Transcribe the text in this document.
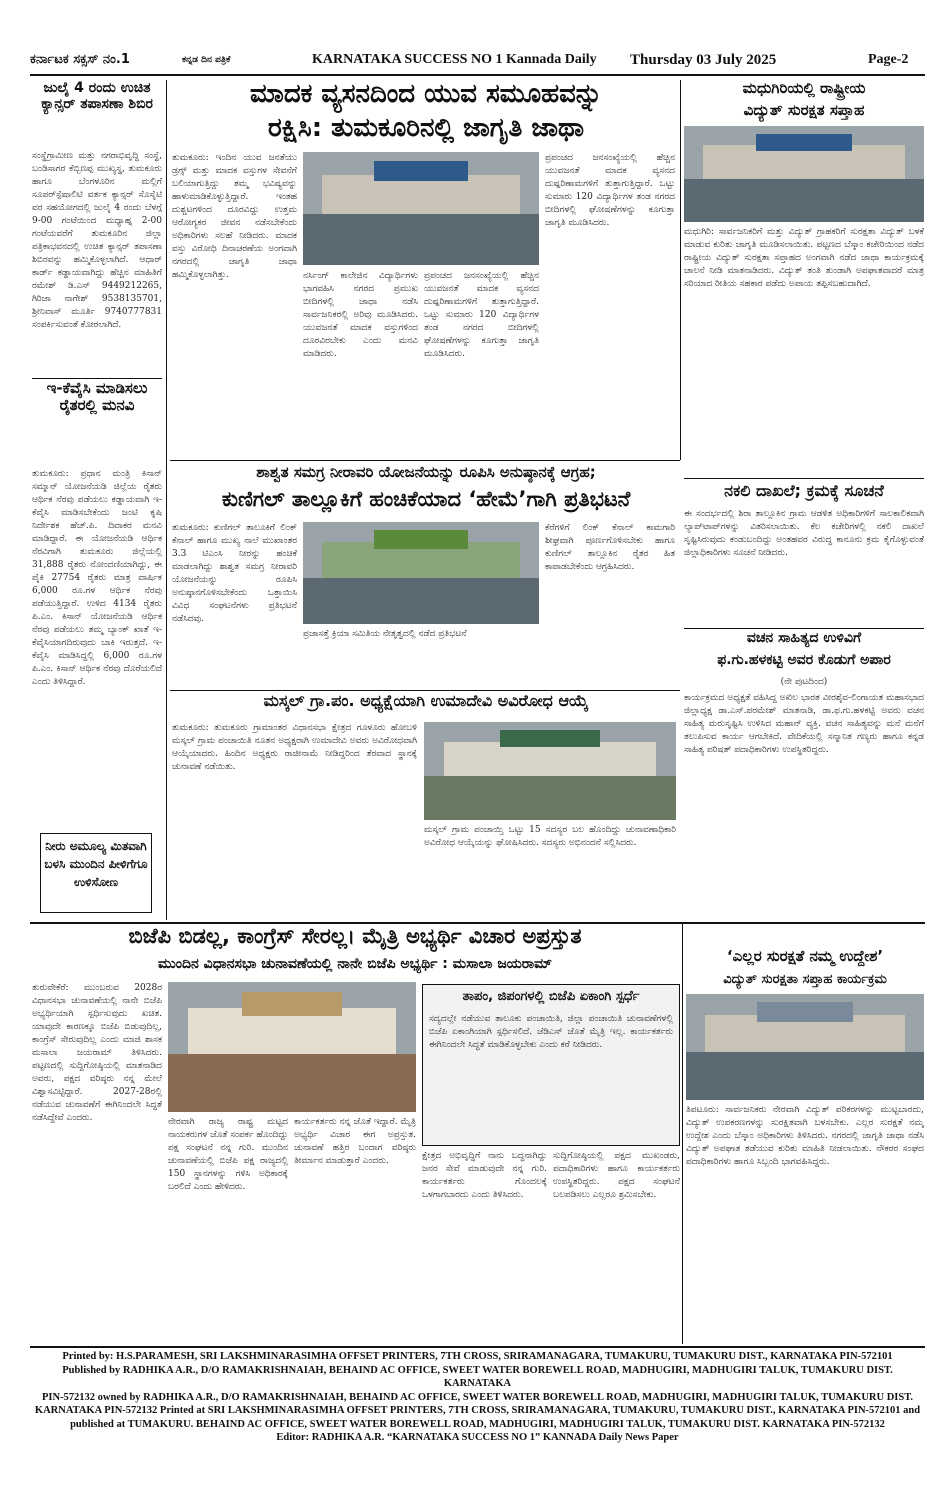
ಕರ್ನಾಟಕ ಸಕ್ಸಸ್ ನಂ.1	ಕನ್ನಡ ದಿನ ಪತ್ರಿಕೆ	KARNATAKA SUCCESS NO 1 Kannada Daily Thursday 03 July 2025	Page-2
ಜುಲೈ 4 ರಂದು ಉಚಿತ ಕ್ಯಾನ್ಸರ್ ತಪಾಸಣಾ ಶಿಬಿರ
ಸಂಸ್ಥೆಗ್ರಾಮೀಣ ಮತ್ತು ನಗರಾಭಿವೃದ್ಧಿ ಸಂಸ್ಥೆ, ಬಂಡಿಸಾಗರ ಕೆಬ್ಬಿಣಪ್ಪ ಮುಖ್ಯಸ್ಥ, ತುಮಕೂರು ಹಾಗೂ ಬೆಂಗಳೂರಿನ ಮಲ್ಲಿಗೆ ಸೂಪರ್‌ಸ್ಪೆಷಾಲಿಟಿ ವರ್ತಕ ಕ್ಯಾನ್ಸರ್ ಸೊಸೈಟಿ ವರ ಸಹಯೋಗದಲ್ಲಿ ಜುಲೈ 4 ರಂದು ಬೆಳಗ್ಗೆ 9-00 ಗಂಟೆಯಿಂದ ಮಧ್ಯಾಹ್ನ 2-00 ಗಂಟೆಯವರೆಗೆ ತುಮಕೂರಿನ ಜಿಲ್ಲಾ ಪತ್ರಿಕಾಭವನದಲ್ಲಿ ಉಚಿತ ಕ್ಯಾನ್ಸರ್ ತಪಾಸಣಾ ಶಿಬಿರವನ್ನು ಹಮ್ಮಿಕೊಳ್ಳಲಾಗಿದೆ. ಆಧಾರ್ ಕಾರ್ಡ್ ಕಡ್ಡಾಯವಾಗಿದ್ದು ಹೆಚ್ಚಿನ ಮಾಹಿತಿಗೆ ರಮೇಶ್ ಡಿ.ಎಸ್ 9449212265, ಗಿರಿಜಾ ನಾಗೇಶ್ 9538135701, ಶ್ರೀನಿವಾಸ್ ಮೂರ್ತಿ 9740777831 ಸಂಪರ್ಕಿಸುವಂತೆ ಕೋರಲಾಗಿದೆ.
ಇ-ಕೆವೈಸಿ ಮಾಡಿಸಲು ರೈತರಲ್ಲಿ ಮನವಿ
ತುಮಕೂರು: ಪ್ರಧಾನ ಮಂತ್ರಿ ಕಿಸಾನ್ ಸಮ್ಮಾನ್ ಯೋಜನೆಯಡಿ ಜಿಲ್ಲೆಯ ರೈತರು ಆರ್ಥಿಕ ನೆರವು ಪಡೆಯಲು ಕಡ್ಡಾಯವಾಗಿ ಇ-ಕೆವೈಸಿ ಮಾಡಿಸಬೇಕೆಂದು ಜಂಟಿ ಕೃಷಿ ನಿರ್ದೇಶಕ ಹೆಚ್.ಪಿ. ದಿವಾಕರ ಮನವಿ ಮಾಡಿದ್ದಾರೆ. ಈ ಯೋಜನೆಯಡಿ ಆರ್ಥಿಕ ನೆರವಿಗಾಗಿ ತುಮಕೂರು ಜಿಲ್ಲೆಯಲ್ಲಿ 31,888 ರೈತರು ನೋಂದಣಿಯಾಗಿದ್ದು, ಈ ಪೈಕಿ 27754 ರೈತರು ಮಾತ್ರ ವಾರ್ಷಿಕ 6,000 ರೂ.ಗಳ ಆರ್ಥಿಕ ನೆರವು ಪಡೆಯುತ್ತಿದ್ದಾರೆ. ಉಳಿದ 4134 ರೈತರು ಪಿ.ಎಂ. ಕಿಸಾನ್ ಯೋಜನೆಯಡಿ ಆರ್ಥಿಕ ನೆರವು ಪಡೆಯಲು ತಮ್ಮ ಬ್ಯಾಂಕ್ ಖಾತೆ ಇ-ಕೆವೈಸಿಯಾಗದಿರುವುದು ಬಾಕಿ ಇರುತ್ತದೆ. ಇ-ಕೆವೈಸಿ ಮಾಡಿಸಿದ್ದಲ್ಲಿ 6,000 ರೂ.ಗಳ ಪಿ.ಎಂ. ಕಿಸಾನ್ ಆರ್ಥಿಕ ನೆರವು ದೊರೆಯಲಿದೆ ಎಂದು ತಿಳಿಸಿದ್ದಾರೆ.
ನೀರು ಅಮೂಲ್ಯ ಮಿತವಾಗಿ ಬಳಸಿ ಮುಂದಿನ ಪೀಳಿಗೆಗೂ ಉಳಿಸೋಣ
ಮಾದಕ ವ್ಯಸನದಿಂದ ಯುವ ಸಮೂಹವನ್ನು
ರಕ್ಷಿಸಿ: ತುಮಕೂರಿನಲ್ಲಿ ಜಾಗೃತಿ ಜಾಥಾ
ತುಮಕೂರು: ಇಂದಿನ ಯುವ ಜನತೆಯು ಡ್ರಗ್ಸ್ ಮತ್ತು ಮಾದಕ ವಸ್ತುಗಳ ಸೇವನೆಗೆ ಬಲಿಯಾಗುತ್ತಿದ್ದು ತಮ್ಮ ಭವಿಷ್ಯವನ್ನು ಹಾಳುಮಾಡಿಕೊಳ್ಳುತ್ತಿದ್ದಾರೆ. ಇಂತಹ ದುಶ್ಚಟಗಳಿಂದ ದೂರವಿದ್ದು ಉತ್ತಮ ಆರೋಗ್ಯಕರ ಜೀವನ ನಡೆಸಬೇಕೆಂದು ಅಧಿಕಾರಿಗಳು ಸಲಹೆ ನೀಡಿದರು. ಮಾದಕ ವಸ್ತು ವಿರೋಧಿ ದಿನಾಚರಣೆಯ ಅಂಗವಾಗಿ ನಗರದಲ್ಲಿ ಜಾಗೃತಿ ಜಾಥಾ ಹಮ್ಮಿಕೊಳ್ಳಲಾಗಿತ್ತು.	ನರ್ಸಿಂಗ್ ಕಾಲೇಜಿನ ವಿದ್ಯಾರ್ಥಿಗಳು ಭಾಗವಹಿಸಿ ನಗರದ ಪ್ರಮುಖ ಬೀದಿಗಳಲ್ಲಿ ಜಾಥಾ ನಡೆಸಿ ಸಾರ್ವಜನಿಕರಲ್ಲಿ ಅರಿವು ಮೂಡಿಸಿದರು. ಯುವಜನತೆ ಮಾದಕ ವಸ್ತುಗಳಿಂದ ದೂರವಿರಬೇಕು ಎಂದು ಮನವಿ ಮಾಡಿದರು.
ಪ್ರಪಂಚದ ಜನಸಂಖ್ಯೆಯಲ್ಲಿ ಹೆಚ್ಚಿನ ಯುವಜನತೆ ಮಾದಕ ವ್ಯಸನದ ದುಷ್ಪರಿಣಾಮಗಳಿಗೆ ತುತ್ತಾಗುತ್ತಿದ್ದಾರೆ. ಒಟ್ಟು ಸುಮಾರು 120 ವಿದ್ಯಾರ್ಥಿಗಳ ತಂಡ ನಗರದ ಬೀದಿಗಳಲ್ಲಿ ಘೋಷಣೆಗಳನ್ನು ಕೂಗುತ್ತಾ ಜಾಗೃತಿ ಮೂಡಿಸಿದರು.
ಪ್ರಪಂಚದ ಜನಸಂಖ್ಯೆಯಲ್ಲಿ ಹೆಚ್ಚಿನ ಯುವಜನತೆ ಮಾದಕ ವ್ಯಸನದ ದುಷ್ಪರಿಣಾಮಗಳಿಗೆ ತುತ್ತಾಗುತ್ತಿದ್ದಾರೆ. ಒಟ್ಟು ಸುಮಾರು 120 ವಿದ್ಯಾರ್ಥಿಗಳ ತಂಡ ನಗರದ ಬೀದಿಗಳಲ್ಲಿ ಘೋಷಣೆಗಳನ್ನು ಕೂಗುತ್ತಾ ಜಾಗೃತಿ ಮೂಡಿಸಿದರು.
ಮಧುಗಿರಿಯಲ್ಲಿ ರಾಷ್ಟ್ರೀಯ
ವಿದ್ಯುತ್ ಸುರಕ್ಷತ ಸಪ್ತಾಹ
ಮಧುಗಿರಿ: ಸಾರ್ವಜನಿಕರಿಗೆ ಮತ್ತು ವಿದ್ಯುತ್ ಗ್ರಾಹಕರಿಗೆ ಸುರಕ್ಷತಾ ವಿದ್ಯುತ್ ಬಳಕೆ ಮಾಡುವ ಕುರಿತು ಜಾಗೃತಿ ಮೂಡಿಸಲಾಯಿತು. ಪಟ್ಟಣದ ಬೆಸ್ಕಾಂ ಕಚೇರಿಯಿಂದ ನಡೆದ ರಾಷ್ಟ್ರೀಯ ವಿದ್ಯುತ್ ಸುರಕ್ಷತಾ ಸಪ್ತಾಹದ ಅಂಗವಾಗಿ ನಡೆದ ಜಾಥಾ ಕಾರ್ಯಕ್ರಮಕ್ಕೆ ಚಾಲನೆ ನೀಡಿ ಮಾತನಾಡಿದರು. ವಿದ್ಯುತ್ ತಂತಿ ತುಂಡಾಗಿ ಅಪಘಾತವಾದರೆ ಮಾತ್ರ ಸರಿಯಾದ ರೀತಿಯ ಸಹಕಾರ ಪಡೆದು ಅಪಾಯ ತಪ್ಪಿಸಬಹುದಾಗಿದೆ.
ಶಾಶ್ವತ ಸಮಗ್ರ ನೀರಾವರಿ ಯೋಜನೆಯನ್ನು ರೂಪಿಸಿ ಅನುಷ್ಠಾನಕ್ಕೆ ಆಗ್ರಹ;
ಕುಣಿಗಲ್ ತಾಲ್ಲೂಕಿಗೆ ಹಂಚಿಕೆಯಾದ ‘ಹೇಮೆ’ಗಾಗಿ ಪ್ರತಿಭಟನೆ
ತುಮಕೂರು: ಕುಣಿಗಲ್ ತಾಲೂಕಿಗೆ ಲಿಂಕ್ ಕೆನಾಲ್ ಹಾಗೂ ಮುಖ್ಯ ನಾಲೆ ಮುಖಾಂತರ 3.3 ಟಿಎಂಸಿ ನೀರನ್ನು ಹಂಚಿಕೆ ಮಾಡಲಾಗಿದ್ದು ಶಾಶ್ವತ ಸಮಗ್ರ ನೀರಾವರಿ ಯೋಜನೆಯನ್ನು ರೂಪಿಸಿ ಅನುಷ್ಠಾನಗೊಳಿಸಬೇಕೆಂದು ಒತ್ತಾಯಿಸಿ ವಿವಿಧ ಸಂಘಟನೆಗಳು ಪ್ರತಿಭಟನೆ ನಡೆಸಿದವು.
ಪ್ರಜಾಸತ್ತೆ ಕ್ರಿಯಾ ಸಮಿತಿಯ ನೇತೃತ್ವದಲ್ಲಿ ನಡೆದ ಪ್ರತಿಭಟನೆ
ಕೆರೆಗಳಿಗೆ ಲಿಂಕ್ ಕೆನಾಲ್ ಕಾಮಗಾರಿ ಶೀಘ್ರವಾಗಿ ಪೂರ್ಣಗೊಳಿಸಬೇಕು ಹಾಗೂ ಕುಣಿಗಲ್ ತಾಲ್ಲೂಕಿನ ರೈತರ ಹಿತ ಕಾಪಾಡಬೇಕೆಂದು ಆಗ್ರಹಿಸಿದರು.
ಮಸ್ಕಲ್ ಗ್ರಾ.ಪಂ. ಅಧ್ಯಕ್ಷೆಯಾಗಿ ಉಮಾದೇವಿ ಅವಿರೋಧ ಆಯ್ಕೆ
ತುಮಕೂರು: ತುಮಕೂರು ಗ್ರಾಮಾಂತರ ವಿಧಾನಸಭಾ ಕ್ಷೇತ್ರದ ಗೂಳೂರು ಹೋಬಳಿ ಮಸ್ಕಲ್ ಗ್ರಾಮ ಪಂಚಾಯಿತಿ ನೂತನ ಅಧ್ಯಕ್ಷರಾಗಿ ಉಮಾದೇವಿ ಅವರು ಅವಿರೋಧವಾಗಿ ಆಯ್ಕೆಯಾದರು. ಹಿಂದಿನ ಅಧ್ಯಕ್ಷರು ರಾಜೀನಾಮೆ ನೀಡಿದ್ದರಿಂದ ತೆರವಾದ ಸ್ಥಾನಕ್ಕೆ ಚುನಾವಣೆ ನಡೆಯಿತು.
ಮಸ್ಕಲ್ ಗ್ರಾಮ ಪಂಚಾಯ್ತಿ ಒಟ್ಟು 15 ಸದಸ್ಯರ ಬಲ ಹೊಂದಿದ್ದು ಚುನಾವಣಾಧಿಕಾರಿ ಅವಿರೋಧ ಆಯ್ಕೆಯನ್ನು ಘೋಷಿಸಿದರು. ಸದಸ್ಯರು ಅಭಿನಂದನೆ ಸಲ್ಲಿಸಿದರು.
ನಕಲಿ ದಾಖಲೆ; ಕ್ರಮಕ್ಕೆ ಸೂಚನೆ
ಈ ಸಂದರ್ಭದಲ್ಲಿ ಶಿರಾ ತಾಲ್ಲೂಕಿನ ಗ್ರಾಮ ಆಡಳಿತ ಅಧಿಕಾರಿಗಳಿಗೆ ಸಾಲಕಾಲಿಕವಾಗಿ ಲ್ಯಾಪ್‌ಟಾಪ್‌ಗಳನ್ನು ವಿತರಿಸಲಾಯಿತು. ಕೆಲ ಕಚೇರಿಗಳಲ್ಲಿ ನಕಲಿ ದಾಖಲೆ ಸೃಷ್ಟಿಸಿರುವುದು ಕಂಡುಬಂದಿದ್ದು ಅಂತಹವರ ವಿರುದ್ಧ ಕಾನೂನು ಕ್ರಮ ಕೈಗೊಳ್ಳುವಂತೆ ಜಿಲ್ಲಾಧಿಕಾರಿಗಳು ಸೂಚನೆ ನೀಡಿದರು.
ವಚನ ಸಾಹಿತ್ಯದ ಉಳಿವಿಗೆ
ಫ.ಗು.ಹಳಕಟ್ಟಿ ಅವರ ಕೊಡುಗೆ ಅಪಾರ
(ನೇ ಪುಟದಿಂದ)
ಕಾರ್ಯಕ್ರಮದ ಅಧ್ಯಕ್ಷತೆ ವಹಿಸಿದ್ದ ಅಖಿಲ ಭಾರತ ವೀರಶೈವ-ಲಿಂಗಾಯತ ಮಹಾಸಭಾದ ಜಿಲ್ಲಾಧ್ಯಕ್ಷ ಡಾ.ಎಸ್.ಪರಮೇಶ್ ಮಾತನಾಡಿ, ಡಾ.ಫ.ಗು.ಹಳಕಟ್ಟಿ ಅವರು ವಚನ ಸಾಹಿತ್ಯ ಮರುಸೃಷ್ಟಿಸಿ ಉಳಿಸಿದ ಮಹಾನ್ ವ್ಯಕ್ತಿ. ವಚನ ಸಾಹಿತ್ಯವನ್ನು ಮನೆ ಮನೆಗೆ ತಲುಪಿಸುವ ಕಾರ್ಯ ಆಗಬೇಕಿದೆ. ವೇದಿಕೆಯಲ್ಲಿ ಸನ್ಮಾನಿತ ಗಣ್ಯರು ಹಾಗೂ ಕನ್ನಡ ಸಾಹಿತ್ಯ ಪರಿಷತ್ ಪದಾಧಿಕಾರಿಗಳು ಉಪಸ್ಥಿತರಿದ್ದರು.
ಬಿಜೆಪಿ ಬಿಡಲ್ಲ, ಕಾಂಗ್ರೆಸ್ ಸೇರಲ್ಲ। ಮೈತ್ರಿ ಅಭ್ಯರ್ಥಿ ವಿಚಾರ ಅಪ್ರಸ್ತುತ
ಮುಂದಿನ ವಿಧಾನಸಭಾ ಚುನಾವಣೆಯಲ್ಲಿ ನಾನೇ ಬಿಜೆಪಿ ಅಭ್ಯರ್ಥಿ : ಮಸಾಲಾ ಜಯರಾಮ್
ತುರುವೇಕೆರೆ: ಮುಂಬರುವ 2028ರ ವಿಧಾನಸಭಾ ಚುನಾವಣೆಯಲ್ಲಿ ನಾನೇ ಬಿಜೆಪಿ ಅಭ್ಯರ್ಥಿಯಾಗಿ ಸ್ಪರ್ಧಿಸುವುದು ಖಚಿತ. ಯಾವುದೇ ಕಾರಣಕ್ಕೂ ಬಿಜೆಪಿ ಬಿಡುವುದಿಲ್ಲ, ಕಾಂಗ್ರೆಸ್ ಸೇರುವುದಿಲ್ಲ ಎಂದು ಮಾಜಿ ಶಾಸಕ ಮಸಾಲಾ ಜಯರಾಮ್ ತಿಳಿಸಿದರು. ಪಟ್ಟಣದಲ್ಲಿ ಸುದ್ದಿಗೋಷ್ಠಿಯಲ್ಲಿ ಮಾತನಾಡಿದ ಅವರು, ಪಕ್ಷದ ವರಿಷ್ಠರು ನನ್ನ ಮೇಲೆ ವಿಶ್ವಾಸವಿಟ್ಟಿದ್ದಾರೆ. 2027-28ರಲ್ಲಿ ನಡೆಯುವ ಚುನಾವಣೆಗೆ ಈಗಿನಿಂದಲೇ ಸಿದ್ಧತೆ ನಡೆಸಿದ್ದೇವೆ ಎಂದರು.	ನೇರವಾಗಿ ರಾಜ್ಯ ರಾಷ್ಟ್ರ ಮಟ್ಟದ ನಾಯಕರುಗಳ ಜೊತೆ ಸಂಪರ್ಕ ಹೊಂದಿದ್ದು ಪಕ್ಷ ಸಂಘಟನೆ ನನ್ನ ಗುರಿ. ಮುಂದಿನ ಚುನಾವಣೆಯಲ್ಲಿ ಬಿಜೆಪಿ ಪಕ್ಷ ರಾಜ್ಯದಲ್ಲಿ 150 ಸ್ಥಾನಗಳನ್ನು ಗಳಿಸಿ ಅಧಿಕಾರಕ್ಕೆ ಬರಲಿದೆ ಎಂದು ಹೇಳಿದರು.
ಕಾರ್ಯಕರ್ತರು ನನ್ನ ಜೊತೆ ಇದ್ದಾರೆ. ಮೈತ್ರಿ ಅಭ್ಯರ್ಥಿ ವಿಚಾರ ಈಗ ಅಪ್ರಸ್ತುತ. ಚುನಾವಣೆ ಹತ್ತಿರ ಬಂದಾಗ ವರಿಷ್ಠರು ತೀರ್ಮಾನ ಮಾಡುತ್ತಾರೆ ಎಂದರು.
ತಾಪಂ, ಜಿಪಂಗಳಲ್ಲಿ ಬಿಜೆಪಿ ಏಕಾಂಗಿ ಸ್ಪರ್ಧೆ
ಸದ್ಯದಲ್ಲೇ ನಡೆಯುವ ತಾಲೂಕು ಪಂಚಾಯಿತಿ, ಜಿಲ್ಲಾ ಪಂಚಾಯಿತಿ ಚುನಾವಣೆಗಳಲ್ಲಿ ಬಿಜೆಪಿ ಏಕಾಂಗಿಯಾಗಿ ಸ್ಪರ್ಧಿಸಲಿದೆ. ಜೆಡಿಎಸ್ ಜೊತೆ ಮೈತ್ರಿ ಇಲ್ಲ. ಕಾರ್ಯಕರ್ತರು ಈಗಿನಿಂದಲೇ ಸಿದ್ಧತೆ ಮಾಡಿಕೊಳ್ಳಬೇಕು ಎಂದು ಕರೆ ನೀಡಿದರು.
ಕ್ಷೇತ್ರದ ಅಭಿವೃದ್ಧಿಗೆ ನಾನು ಬದ್ಧನಾಗಿದ್ದು ಜನರ ಸೇವೆ ಮಾಡುವುದೇ ನನ್ನ ಗುರಿ. ಕಾರ್ಯಕರ್ತರು ಗೊಂದಲಕ್ಕೆ ಒಳಗಾಗಬಾರದು ಎಂದು ತಿಳಿಸಿದರು.
ಸುದ್ದಿಗೋಷ್ಠಿಯಲ್ಲಿ ಪಕ್ಷದ ಮುಖಂಡರು, ಪದಾಧಿಕಾರಿಗಳು ಹಾಗೂ ಕಾರ್ಯಕರ್ತರು ಉಪಸ್ಥಿತರಿದ್ದರು. ಪಕ್ಷದ ಸಂಘಟನೆ ಬಲಪಡಿಸಲು ಎಲ್ಲರೂ ಶ್ರಮಿಸಬೇಕು.
‘ಎಲ್ಲರ ಸುರಕ್ಷತೆ ನಮ್ಮ ಉದ್ದೇಶ’
ವಿದ್ಯುತ್ ಸುರಕ್ಷತಾ ಸಪ್ತಾಹ ಕಾರ್ಯಕ್ರಮ
ತಿಪಟೂರು: ಸಾರ್ವಜನಿಕರು ನೇರವಾಗಿ ವಿದ್ಯುತ್ ಪರಿಕರಗಳನ್ನು ಮುಟ್ಟಬಾರದು, ವಿದ್ಯುತ್ ಉಪಕರಣಗಳನ್ನು ಸುರಕ್ಷಿತವಾಗಿ ಬಳಸಬೇಕು. ಎಲ್ಲರ ಸುರಕ್ಷತೆ ನಮ್ಮ ಉದ್ದೇಶ ಎಂದು ಬೆಸ್ಕಾಂ ಅಧಿಕಾರಿಗಳು ತಿಳಿಸಿದರು. ನಗರದಲ್ಲಿ ಜಾಗೃತಿ ಜಾಥಾ ನಡೆಸಿ ವಿದ್ಯುತ್ ಅಪಘಾತ ತಡೆಯುವ ಕುರಿತು ಮಾಹಿತಿ ನೀಡಲಾಯಿತು. ನೌಕರರ ಸಂಘದ ಪದಾಧಿಕಾರಿಗಳು ಹಾಗೂ ಸಿಬ್ಬಂದಿ ಭಾಗವಹಿಸಿದ್ದರು.
Printed by: H.S.PARAMESH, SRI LAKSHMINARASIMHA OFFSET PRINTERS, 7TH CROSS, SRIRAMANAGARA, TUMAKURU, TUMAKURU DIST., KARNATAKA PIN-572101
Published by RADHIKA A.R., D/O RAMAKRISHNAIAH, BEHAIND AC OFFICE, SWEET WATER BOREWELL ROAD, MADHUGIRI, MADHUGIRI TALUK, TUMAKURU DIST. KARNATAKA
PIN-572132 owned by RADHIKA A.R., D/O RAMAKRISHNAIAH, BEHAIND AC OFFICE, SWEET WATER BOREWELL ROAD, MADHUGIRI, MADHUGIRI TALUK, TUMAKURU DIST.
KARNATAKA PIN-572132 Printed at SRI LAKSHMINARASIMHA OFFSET PRINTERS, 7TH CROSS, SRIRAMANAGARA, TUMAKURU, TUMAKURU DIST., KARNATAKA PIN-572101 and
published at TUMAKURU. BEHAIND AC OFFICE, SWEET WATER BOREWELL ROAD, MADHUGIRI, MADHUGIRI TALUK, TUMAKURU DIST. KARNATAKA PIN-572132
Editor: RADHIKA A.R. “KARNATAKA SUCCESS NO 1” KANNADA Daily News Paper
